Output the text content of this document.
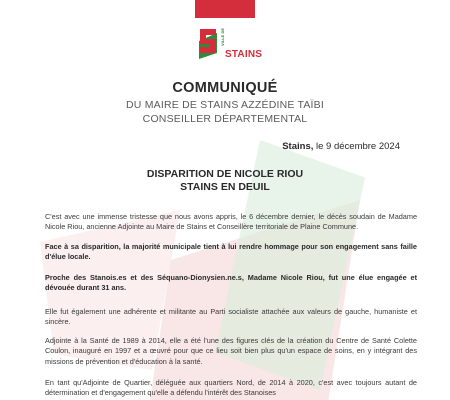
VILLE DE
STAINS
COMMUNIQUÉ
DU MAIRE DE STAINS AZZÉDINE TAÏBI
CONSEILLER DÉPARTEMENTAL
Stains, le 9 décembre 2024
DISPARITION DE NICOLE RIOU
STAINS EN DEUIL
C'est avec une immense tristesse que nous avons appris, le 6 décembre dernier, le décès soudain de Madame Nicole Riou, ancienne Adjointe au Maire de Stains et Conseillère territoriale de Plaine Commune.
Face à sa disparition, la majorité municipale tient à lui rendre hommage pour son engagement sans faille d'élue locale.
Proche des Stanois.es et des Séquano-Dionysien.ne.s, Madame Nicole Riou, fut une élue engagée et dévouée durant 31 ans.
Elle fut également une adhérente et militante au Parti socialiste attachée aux valeurs de gauche, humaniste et sincère.
Adjointe à la Santé de 1989 à 2014, elle a été l'une des figures clés de la création du Centre de Santé Colette Coulon, inauguré en 1997 et a œuvré pour que ce lieu soit bien plus qu'un espace de soins, en y intégrant des missions de prévention et d'éducation à la santé.
En tant qu'Adjointe de Quartier, déléguée aux quartiers Nord, de 2014 à 2020, c'est avec toujours autant de détermination et d'engagement qu'elle a défendu l'intérêt des Stanoises
